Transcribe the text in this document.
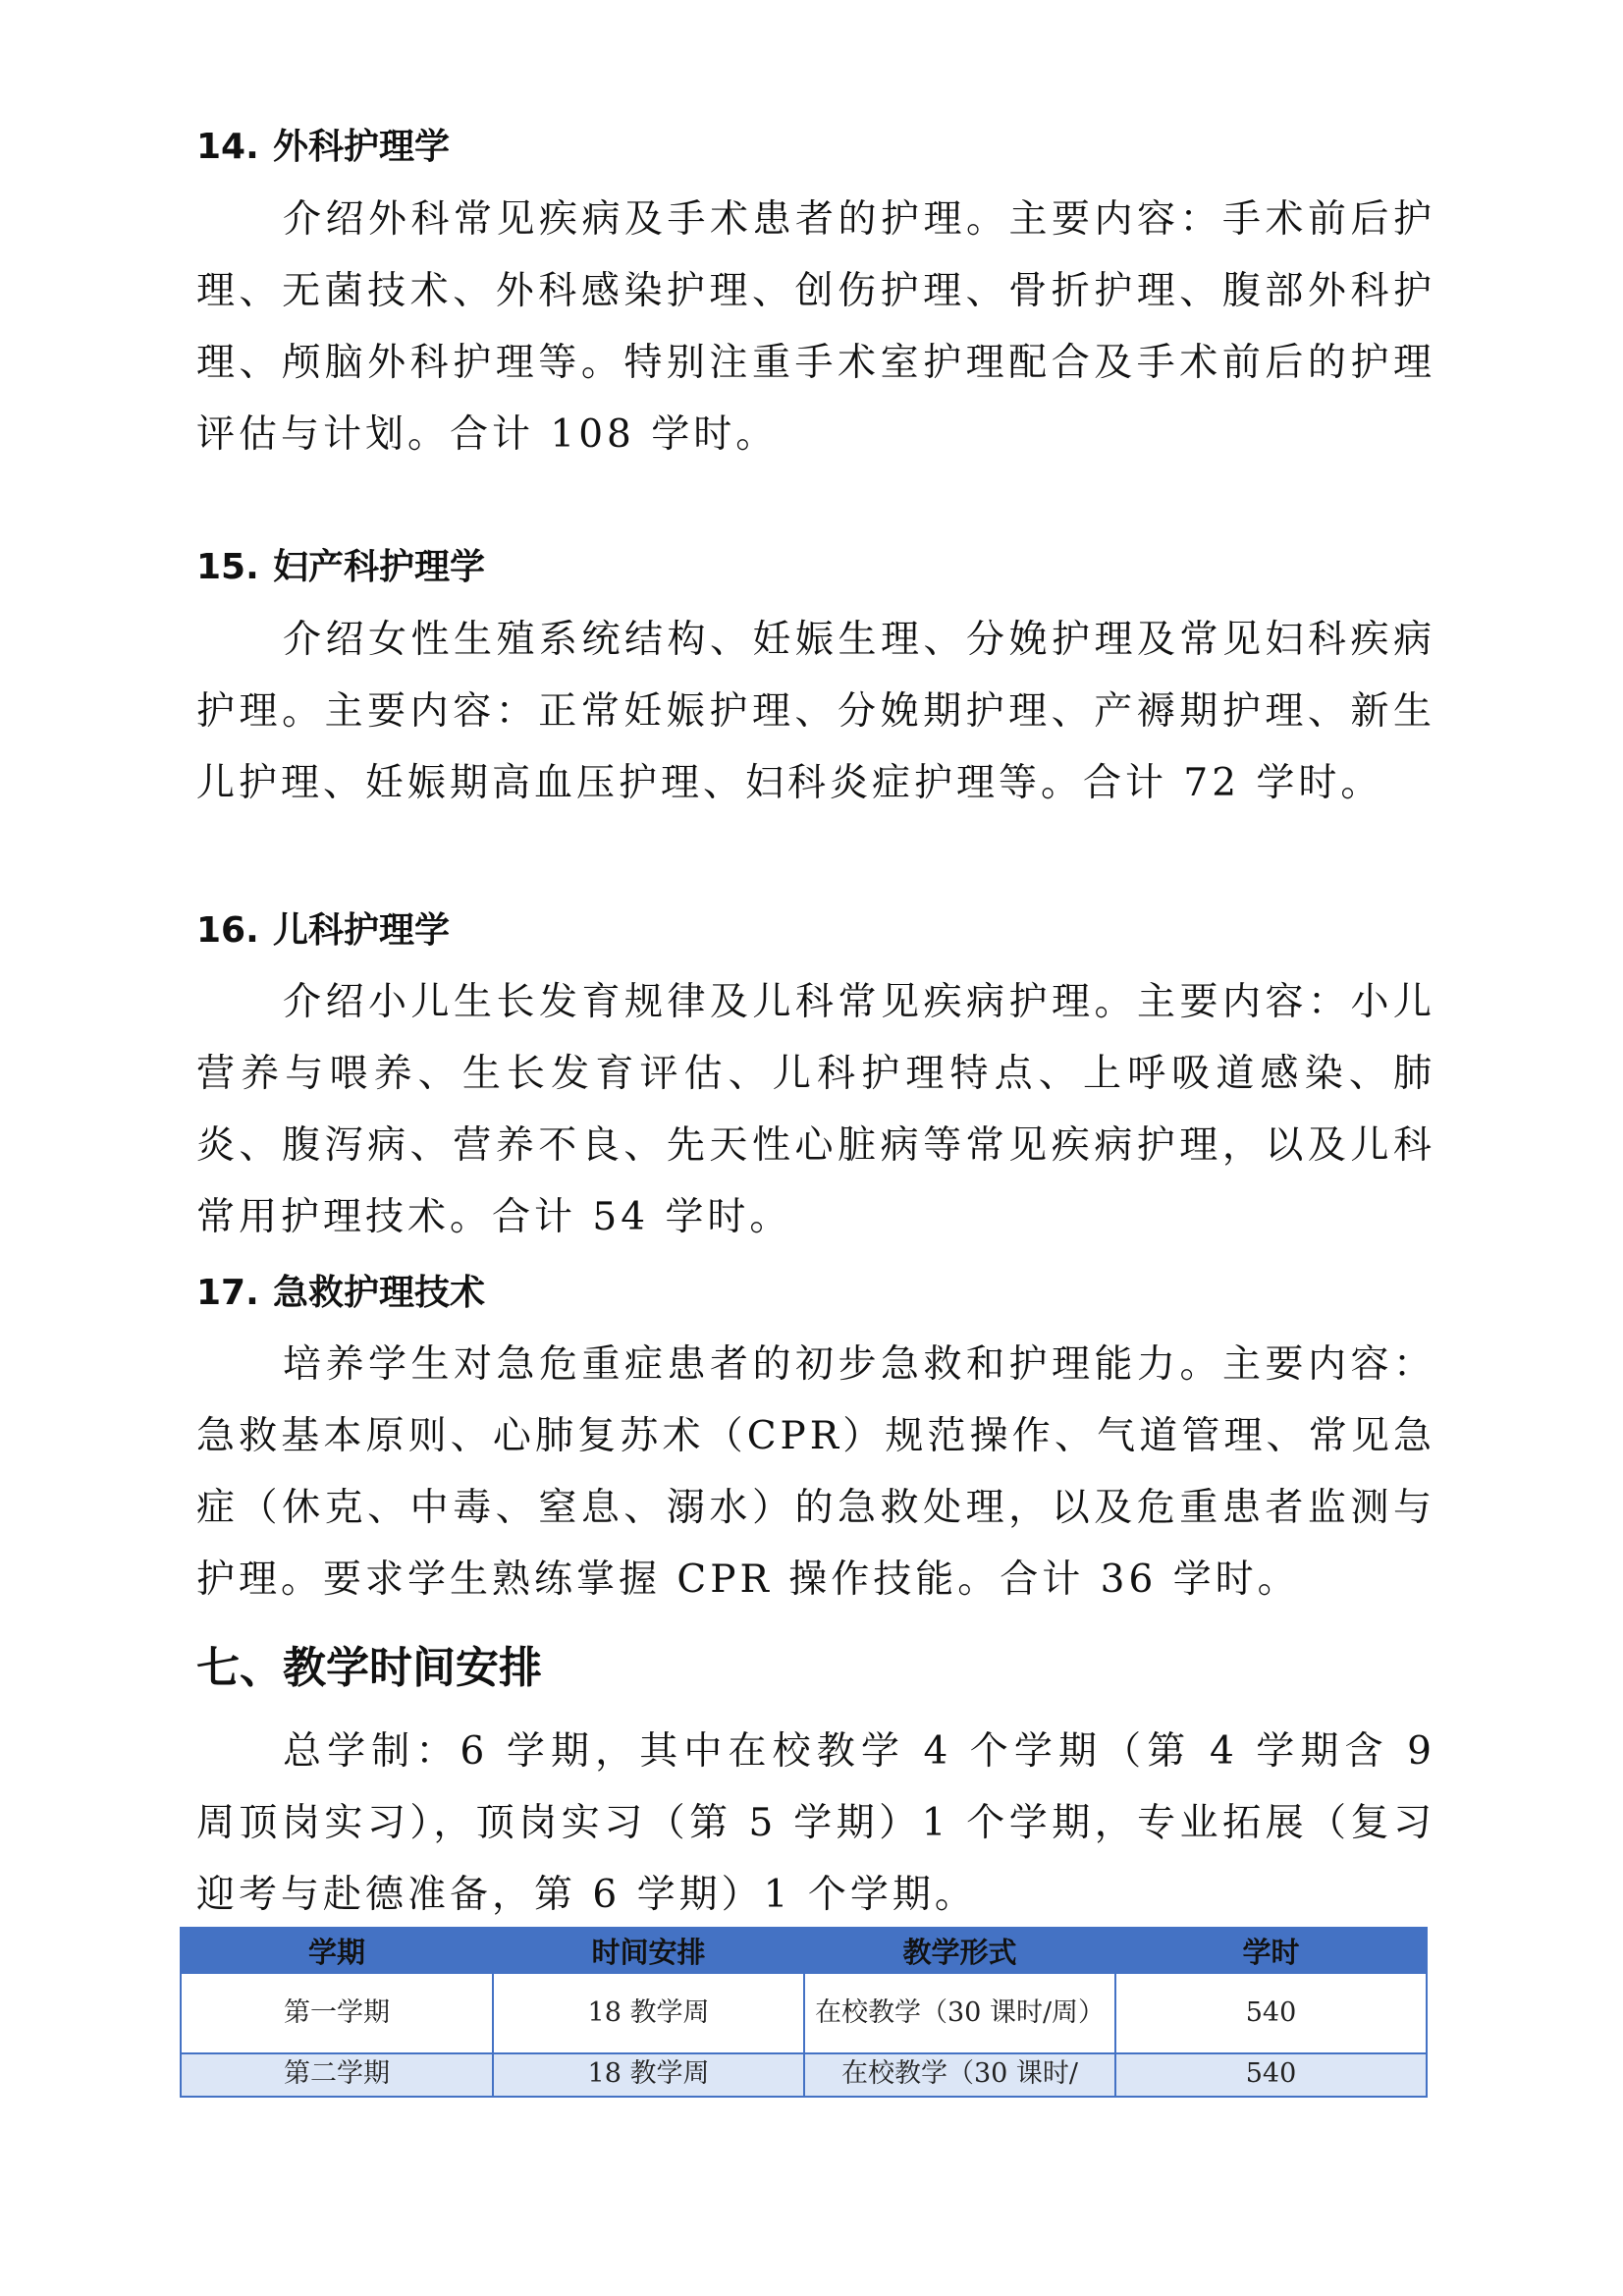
14. 外科护理学
介绍外科常见疾病及手术患者的护理。主要内容：手术前后护理、无菌技术、外科感染护理、创伤护理、骨折护理、腹部外科护理、颅脑外科护理等。特别注重手术室护理配合及手术前后的护理评估与计划。合计 108 学时。
15. 妇产科护理学
介绍女性生殖系统结构、妊娠生理、分娩护理及常见妇科疾病护理。主要内容：正常妊娠护理、分娩期护理、产褥期护理、新生儿护理、妊娠期高血压护理、妇科炎症护理等。合计 72 学时。
16. 儿科护理学
介绍小儿生长发育规律及儿科常见疾病护理。主要内容：小儿营养与喂养、生长发育评估、儿科护理特点、上呼吸道感染、肺炎、腹泻病、营养不良、先天性心脏病等常见疾病护理，以及儿科常用护理技术。合计 54 学时。
17. 急救护理技术
培养学生对急危重症患者的初步急救和护理能力。主要内容：急救基本原则、心肺复苏术（CPR）规范操作、气道管理、常见急症（休克、中毒、窒息、溺水）的急救处理，以及危重患者监测与护理。要求学生熟练掌握 CPR 操作技能。合计 36 学时。
七、教学时间安排
总学制：6 学期，其中在校教学 4 个学期（第 4 学期含 9 周顶岗实习），顶岗实习（第 5 学期）1 个学期，专业拓展（复习迎考与赴德准备，第 6 学期）1 个学期。
学期	时间安排	教学形式	学时
第一学期	18 教学周	在校教学（30 课时/周）	540
第二学期	18 教学周	在校教学（30 课时/	540
